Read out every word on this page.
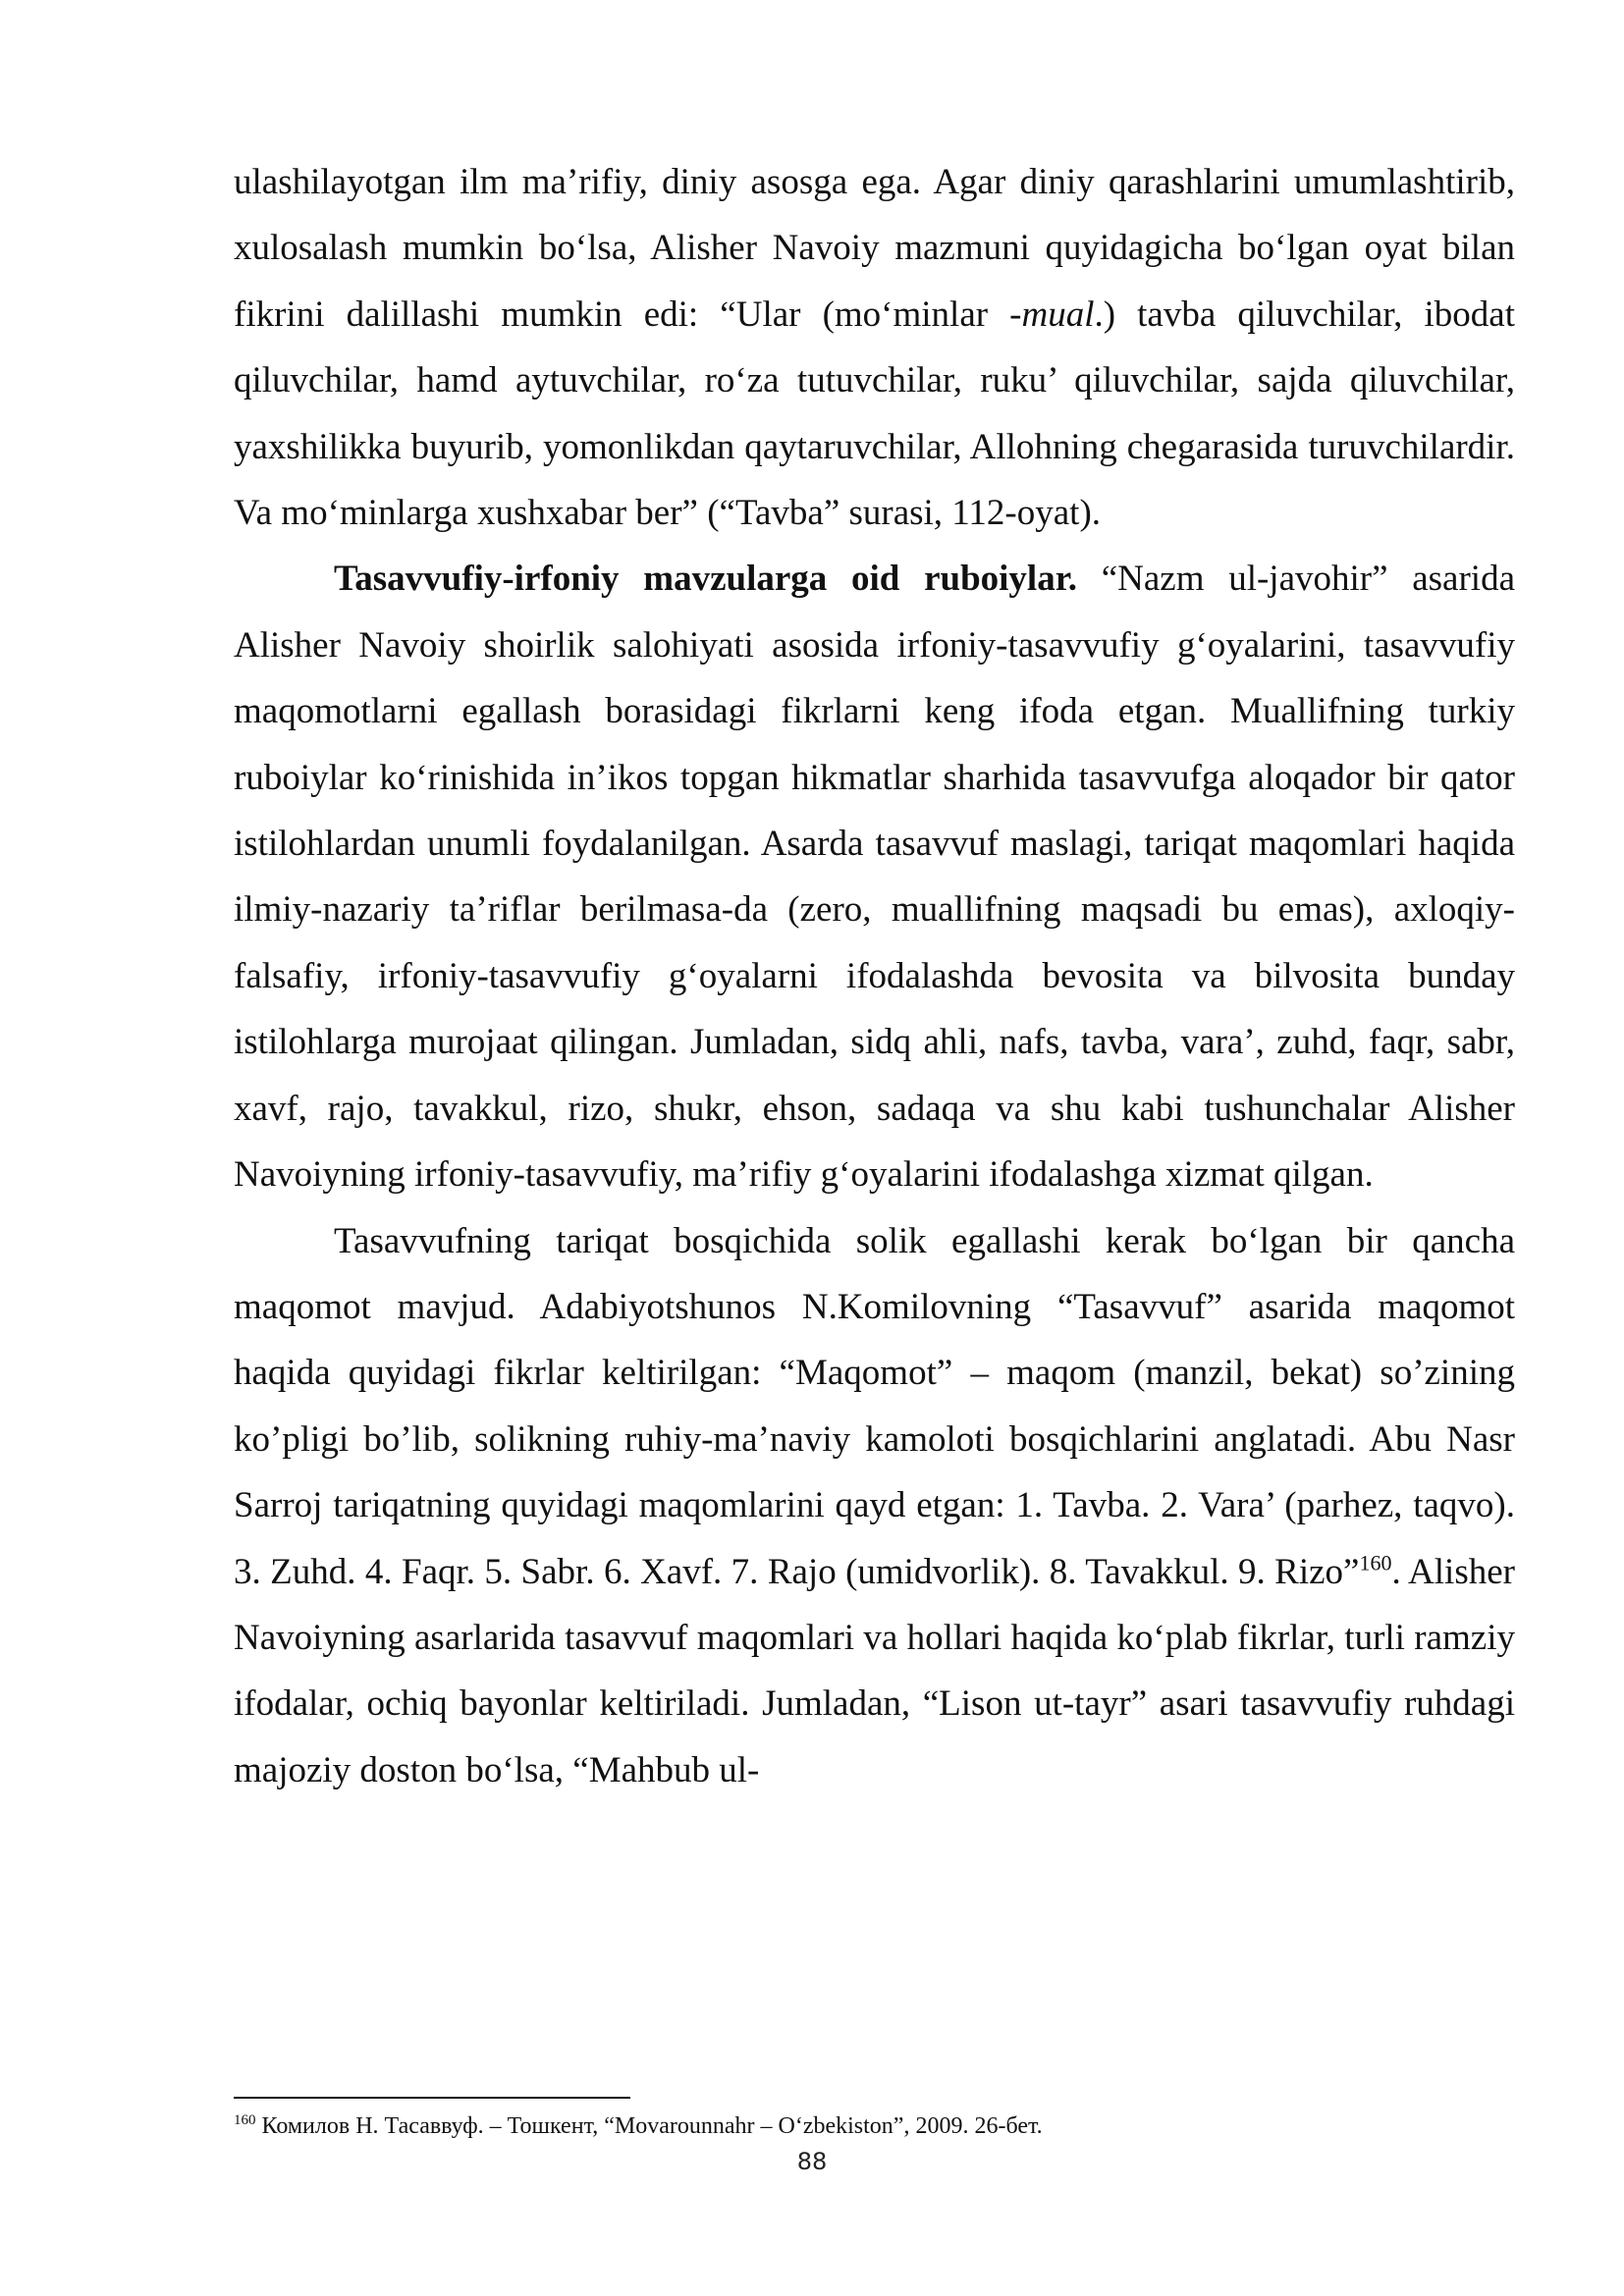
ulashilayotgan ilm ma’rifiy, diniy asosga ega. Agar diniy qarashlarini umumlashtirib, xulosalash mumkin bo‘lsa, Alisher Navoiy mazmuni quyidagicha bo‘lgan oyat bilan fikrini dalillashi mumkin edi: “Ular (mo‘minlar -mual.) tavba qiluvchilar, ibodat qiluvchilar, hamd aytuvchilar, ro‘za tutuvchilar, ruku’ qiluvchilar, sajda qiluvchilar, yaxshilikka buyurib, yomonlikdan qaytaruvchilar, Allohning chegarasida turuvchilardir. Va mo‘minlarga xushxabar ber” (“Tavba” surasi, 112-oyat).

Tasavvufiy-irfoniy mavzularga oid ruboiylar. “Nazm ul-javohir” asarida Alisher Navoiy shoirlik salohiyati asosida irfoniy-tasavvufiy g‘oyalarini, tasavvufiy maqomotlarni egallash borasidagi fikrlarni keng ifoda etgan. Muallifning turkiy ruboiylar ko‘rinishida in’ikos topgan hikmatlar sharhida tasavvufga aloqador bir qator istilohlardan unumli foydalanilgan. Asarda tasavvuf maslagi, tariqat maqomlari haqida ilmiy-nazariy ta’riflar berilmasa-da (zero, muallifning maqsadi bu emas), axloqiy-falsafiy, irfoniy-tasavvufiy g‘oyalarni ifodalashda bevosita va bilvosita bunday istilohlarga murojaat qilingan. Jumladan, sidq ahli, nafs, tavba, vara’, zuhd, faqr, sabr, xavf, rajo, tavakkul, rizo, shukr, ehson, sadaqa va shu kabi tushunchalar Alisher Navoiyning irfoniy-tasavvufiy, ma’rifiy g‘oyalarini ifodalashga xizmat qilgan.

Tasavvufning tariqat bosqichida solik egallashi kerak bo‘lgan bir qancha maqomot mavjud. Adabiyotshunos N.Komilovning “Tasavvuf” asarida maqomot haqida quyidagi fikrlar keltirilgan: “Maqomot” – maqom (manzil, bekat) so’zining ko’pligi bo’lib, solikning ruhiy-ma’naviy kamoloti bosqichlarini anglatadi. Abu Nasr Sarroj tariqatning quyidagi maqomlarini qayd etgan: 1. Tavba. 2. Vara’ (parhez, taqvo). 3. Zuhd. 4. Faqr. 5. Sabr. 6. Xavf. 7. Rajo (umidvorlik). 8. Tavakkul. 9. Rizo”$^{160}$. Alisher Navoiyning asarlarida tasavvuf maqomlari va hollari haqida ko‘plab fikrlar, turli ramziy ifodalar, ochiq bayonlar keltiriladi. Jumladan, “Lison ut-tayr” asari tasavvufiy ruhdagi majoziy doston bo‘lsa, “Mahbub ul-

$^{160}$ Комилов Н. Тасаввуф. – Тошкент, “Movarounnahr – O‘zbekiston”, 2009. 26-бет.
88
